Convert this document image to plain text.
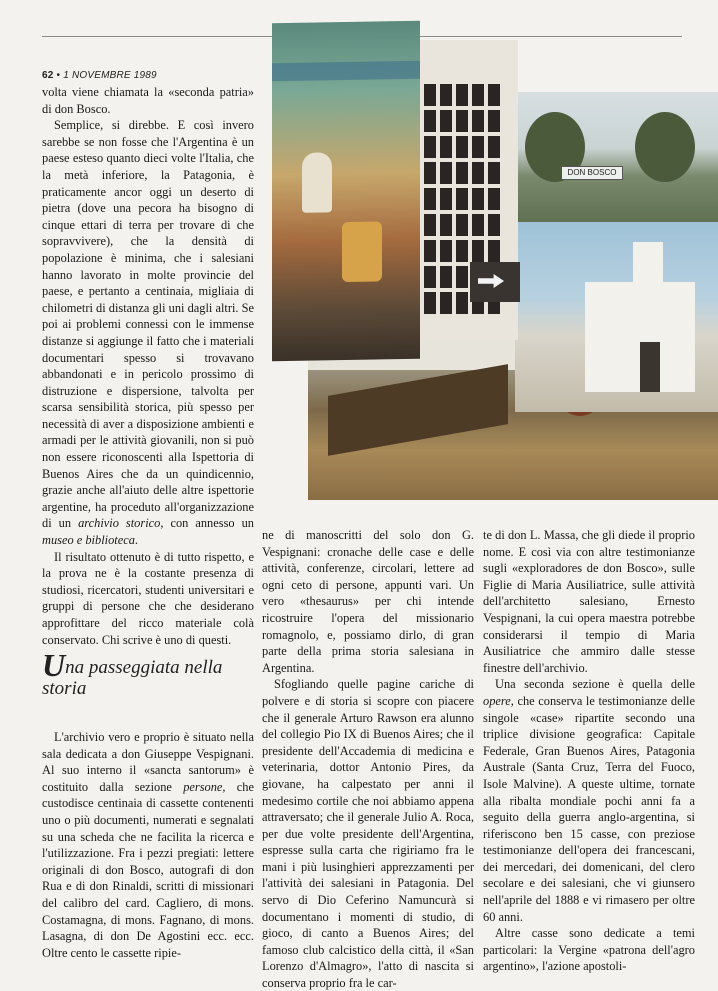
62 • 1 NOVEMBRE 1989
DON BOSCO

volta viene chiamata la «seconda patria» di don Bosco.

Semplice, si direbbe. E così invero sarebbe se non fosse che l'Argentina è un paese esteso quanto dieci volte l'Italia, che la metà inferiore, la Patagonia, è praticamente ancor oggi un deserto di pietra (dove una pecora ha bisogno di cinque ettari di terra per trovare di che sopravvivere), che la densità di popolazione è minima, che i salesiani hanno lavorato in molte provincie del paese, e pertanto a centinaia, migliaia di chilometri di distanza gli uni dagli altri. Se poi ai problemi connessi con le immense distanze si aggiunge il fatto che i materiali documentari spesso si trovavano abbandonati e in pericolo prossimo di distruzione e dispersione, talvolta per scarsa sensibilità storica, più spesso per necessità di aver a disposizione ambienti e armadi per le attività giovanili, non si può non essere riconoscenti alla Ispettoria di Buenos Aires che da un quindicennio, grazie anche all'aiuto delle altre ispettorie argentine, ha proceduto all'organizzazione di un archivio storico, con annesso un museo e biblioteca.

Il risultato ottenuto è di tutto rispetto, e la prova ne è la costante presenza di studiosi, ricercatori, studenti universitari e gruppi di persone che che desiderano approfittare del ricco materiale colà conservato. Chi scrive è uno di questi.

Una passeggiata nella storia

L'archivio vero e proprio è situato nella sala dedicata a don Giuseppe Vespignani. Al suo interno il «sancta santorum» è costituito dalla sezione persone, che custodisce centinaia di cassette contenenti uno o più documenti, numerati e segnalati su una scheda che ne facilita la ricerca e l'utilizzazione. Fra i pezzi pregiati: lettere originali di don Bosco, autografi di don Rua e di don Rinaldi, scritti di missionari del calibro del card. Cagliero, di mons. Costamagna, di mons. Fagnano, di mons. Lasagna, di don De Agostini ecc. ecc. Oltre cento le cassette ripie-

ne di manoscritti del solo don G. Vespignani: cronache delle case e delle attività, conferenze, circolari, lettere ad ogni ceto di persone, appunti vari. Un vero «thesaurus» per chi intende ricostruire l'opera del missionario romagnolo, e, possiamo dirlo, di gran parte della prima storia salesiana in Argentina.

Sfogliando quelle pagine cariche di polvere e di storia si scopre con piacere che il generale Arturo Rawson era alunno del collegio Pio IX di Buenos Aires; che il presidente dell'Accademia di medicina e veterinaria, dottor Antonio Pires, da giovane, ha calpestato per anni il medesimo cortile che noi abbiamo appena attraversato; che il generale Julio A. Roca, per due volte presidente dell'Argentina, espresse sulla carta che rigiriamo fra le mani i più lusinghieri apprezzamenti per l'attività dei salesiani in Patagonia. Del servo di Dio Ceferino Namuncurà si documentano i momenti di studio, di gioco, di canto a Buenos Aires; del famoso club calcistico della città, il «San Lorenzo d'Almagro», l'atto di nascita si conserva proprio fra le car-

te di don L. Massa, che gli diede il proprio nome. E così via con altre testimonianze sugli «exploradores de don Bosco», sulle Figlie di Maria Ausiliatrice, sulle attività dell'architetto salesiano, Ernesto Vespignani, la cui opera maestra potrebbe considerarsi il tempio di Maria Ausiliatrice che ammiro dalle stesse finestre dell'archivio.

Una seconda sezione è quella delle opere, che conserva le testimonianze delle singole «case» ripartite secondo una triplice divisione geografica: Capitale Federale, Gran Buenos Aires, Patagonia Australe (Santa Cruz, Terra del Fuoco, Isole Malvine). A queste ultime, tornate alla ribalta mondiale pochi anni fa a seguito della guerra anglo-argentina, si riferiscono ben 15 casse, con preziose testimonianze dell'opera dei francescani, dei mercedari, dei domenicani, del clero secolare e dei salesiani, che vi giunsero nell'aprile del 1888 e vi rimasero per oltre 60 anni.

Altre casse sono dedicate a temi particolari: la Vergine «patrona dell'agro argentino», l'azione apostoli-
